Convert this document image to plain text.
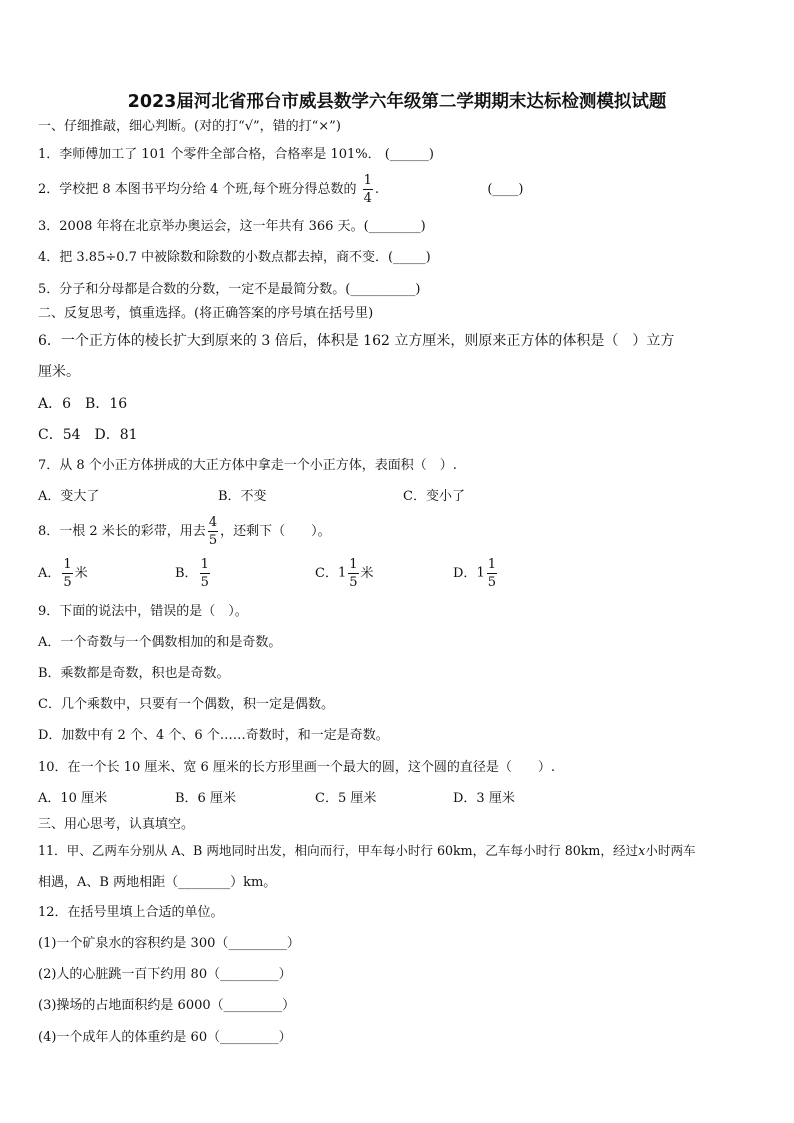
2023届河北省邢台市威县数学六年级第二学期期末达标检测模拟试题
一、仔细推敲，细心判断。(对的打“√”，错的打“×”)
1．李师傅加工了 101 个零件全部合格，合格率是 101%． (______)
2．学校把 8 本图书平均分给 4 个班,每个班分得总数的 $\frac{1}{4}$ .	(____)
3．2008 年将在北京举办奥运会，这一年共有 366 天。(________)
4．把 3.85÷0.7 中被除数和除数的小数点都去掉，商不变．(_____)
5．分子和分母都是合数的分数，一定不是最简分数。(__________)
二、反复思考，慎重选择。(将正确答案的序号填在括号里)
6．一个正方体的棱长扩大到原来的 3 倍后，体积是 162 立方厘米，则原来正方体的体积是（　）立方
厘米。
A．6 B．16
C．54 D．81
7．从 8 个小正方体拼成的大正方体中拿走一个小正方体，表面积（　）.
A．变大了	B．不变	C．变小了
8．一根 2 米长的彩带，用去 $\frac{4}{5}$ ，还剩下（　　）。
A． $\frac{1}{5}$ 米	B． $\frac{1}{5}$	C．$1 \frac{1}{5}$ 米	D．$1 \frac{1}{5}$
9．下面的说法中，错误的是（　）。
A．一个奇数与一个偶数相加的和是奇数。
B．乘数都是奇数，积也是奇数。
C．几个乘数中，只要有一个偶数，积一定是偶数。
D．加数中有 2 个、4 个、6 个……奇数时，和一定是奇数。
10．在一个长 10 厘米、宽 6 厘米的长方形里画一个最大的圆，这个圆的直径是（　　）.
A．10 厘米	B．6 厘米	C．5 厘米	D．3 厘米
三、用心思考，认真填空。
11．甲、乙两车分别从 A、B 两地同时出发，相向而行，甲车每小时行 60km，乙车每小时行 80km，经过x小时两车
相遇，A、B 两地相距（________）km。
12．在括号里填上合适的单位。
(1)一个矿泉水的容积约是 300（_________）
(2)人的心脏跳一百下约用 80（_________）
(3)操场的占地面积约是 6000（_________）
(4)一个成年人的体重约是 60（_________）
